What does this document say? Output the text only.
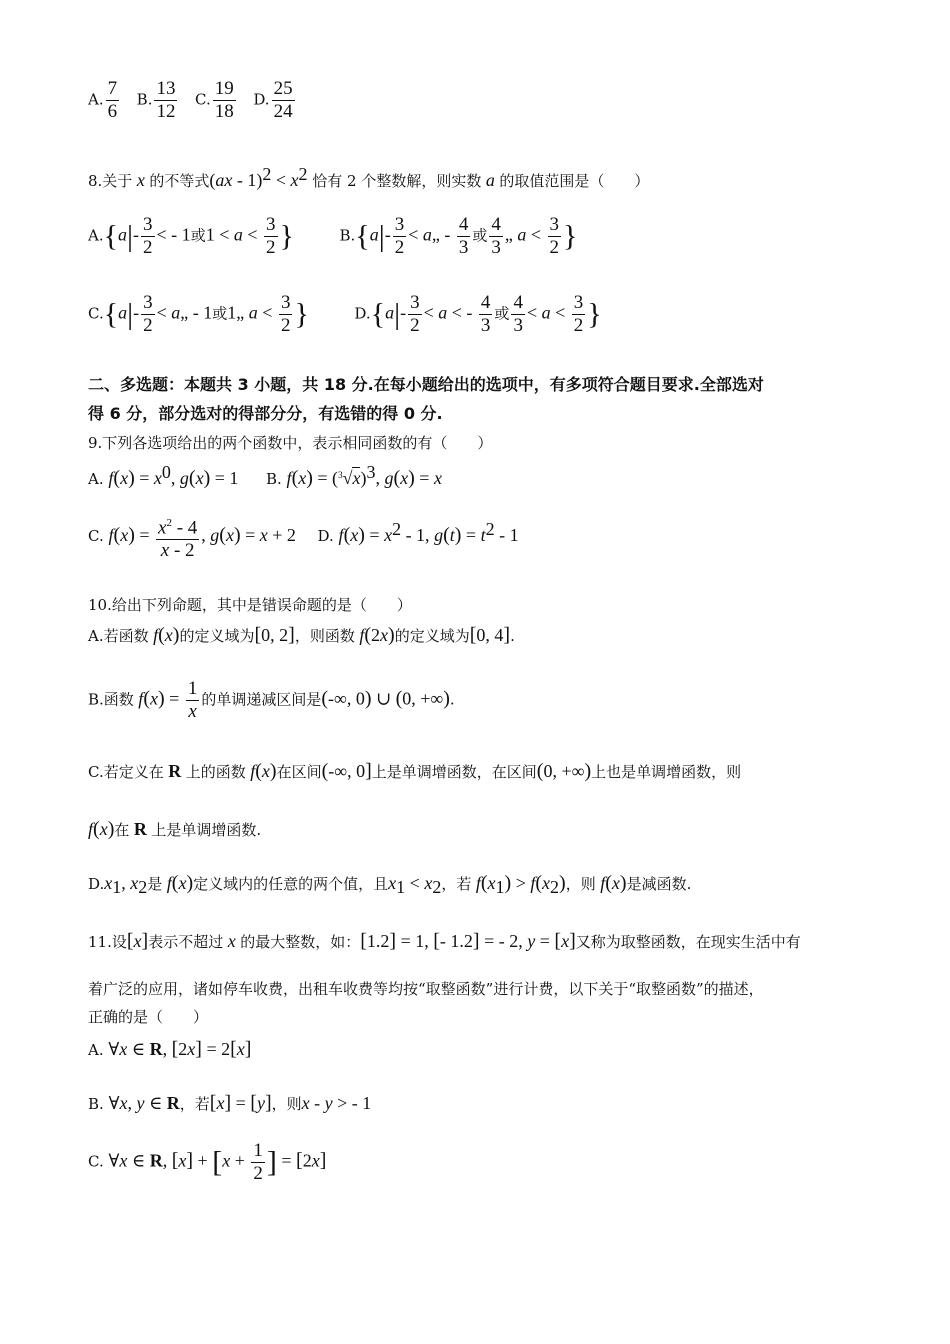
A. $\frac{7}{6} B$. $\frac{13}{12} C$. $\frac{19}{18} D$. $\frac{25}{24}$
8.关于 x 的不等式$(ax - 1)^2 < x^2$ 恰有 2 个整数解，则实数 a 的取值范围是（　　）
$A.\{a|- \frac{3}{2}$ < - 1或$1 < a < \frac{3}{2}$ }	$B.\{a|- \frac{3}{2}$ < a„ - $\frac{4}{3}$ 或 $\frac{4}{3}$ „ $a < \frac{3}{2}$ }
$C.\{a|- \frac{3}{2}$ < a„ - 1或1„ $a < \frac{3}{2}$ }	$D.\{a|- \frac{3}{2} < a$ < - $\frac{4}{3}$ 或 $\frac{4}{3} < a < \frac{3}{2}$ }
二、多选题：本题共 3 小题，共 18 分.在每小题给出的选项中，有多项符合题目要求.全部选对
得 6 分，部分选对的得部分分，有选错的得 0 分.
9.下列各选项给出的两个函数中，表示相同函数的有（　　）
A. $f(x) = x^0$, g(x) = 1 B. $f(x) = (^3√x)^3$, g(x) = x
C. $f(x) = \frac{x^2 - 4}{x - 2}$ , g(x) = x + 2 D. $f(x) = x^2 - 1$, $g(t) = t^2 - 1$
10.给出下列命题，其中是错误命题的是（　　）
A.若函数 f(x)的定义域为[0, 2]，则函数 f(2x)的定义域为[0, 4].
B.函数 $f(x) = \frac{1}{x}$ 的单调递减区间是(-∞, 0) ∪ (0, +∞).
C.若定义在 R 上的函数 f(x)在区间(-∞, 0]上是单调增函数，在区间(0, +∞)上也是单调增函数，则
f(x)在 R 上是单调增函数.
$D.x_1$, $x_2$是 f(x)定义域内的任意的两个值，且$x_1 < x_2$，若 $f(x_1) > f(x_2)$，则 f(x)是减函数.
11.设[x]表示不超过 x 的最大整数，如：[1.2] = 1, [- 1.2] = - 2, y = [x]又称为取整函数，在现实生活中有
着广泛的应用，诸如停车收费，出租车收费等均按“取整函数”进行计费，以下关于“取整函数”的描述，
正确的是（　　）
A. ∀x ∈ R, [2x] = 2[x]
B. ∀x, y ∈ R，若[x] = [y]，则x - y > - 1
C. ∀x ∈ R, $[x] + [x + \frac{1}{2}$ ] = [2x]
